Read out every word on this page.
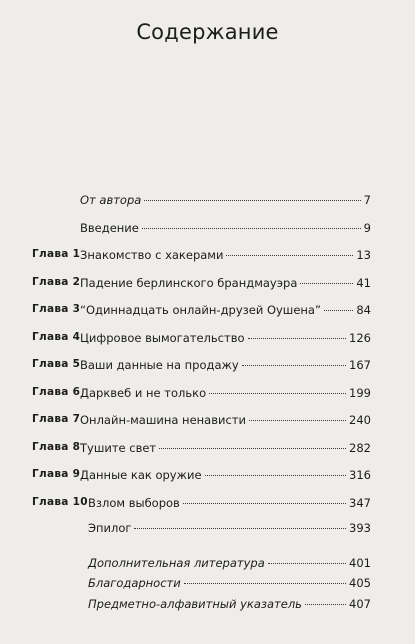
Содержание
От автора	7
Введение	9
Глава 1 Знакомство с хакерами	13
Глава 2 Падение берлинского брандмауэра	41
Глава 3 “Одиннадцать онлайн-друзей Оушена”	84
Глава 4 Цифровое вымогательство	126
Глава 5 Ваши данные на продажу	167
Глава 6 Дарквеб и не только	199
Глава 7 Онлайн-машина ненависти	240
Глава 8 Тушите свет	282
Глава 9 Данные как оружие	316
Глава 10 Взлом выборов	347
Эпилог	393
Дополнительная литература	401
Благодарности	405
Предметно-алфавитный указатель	407
